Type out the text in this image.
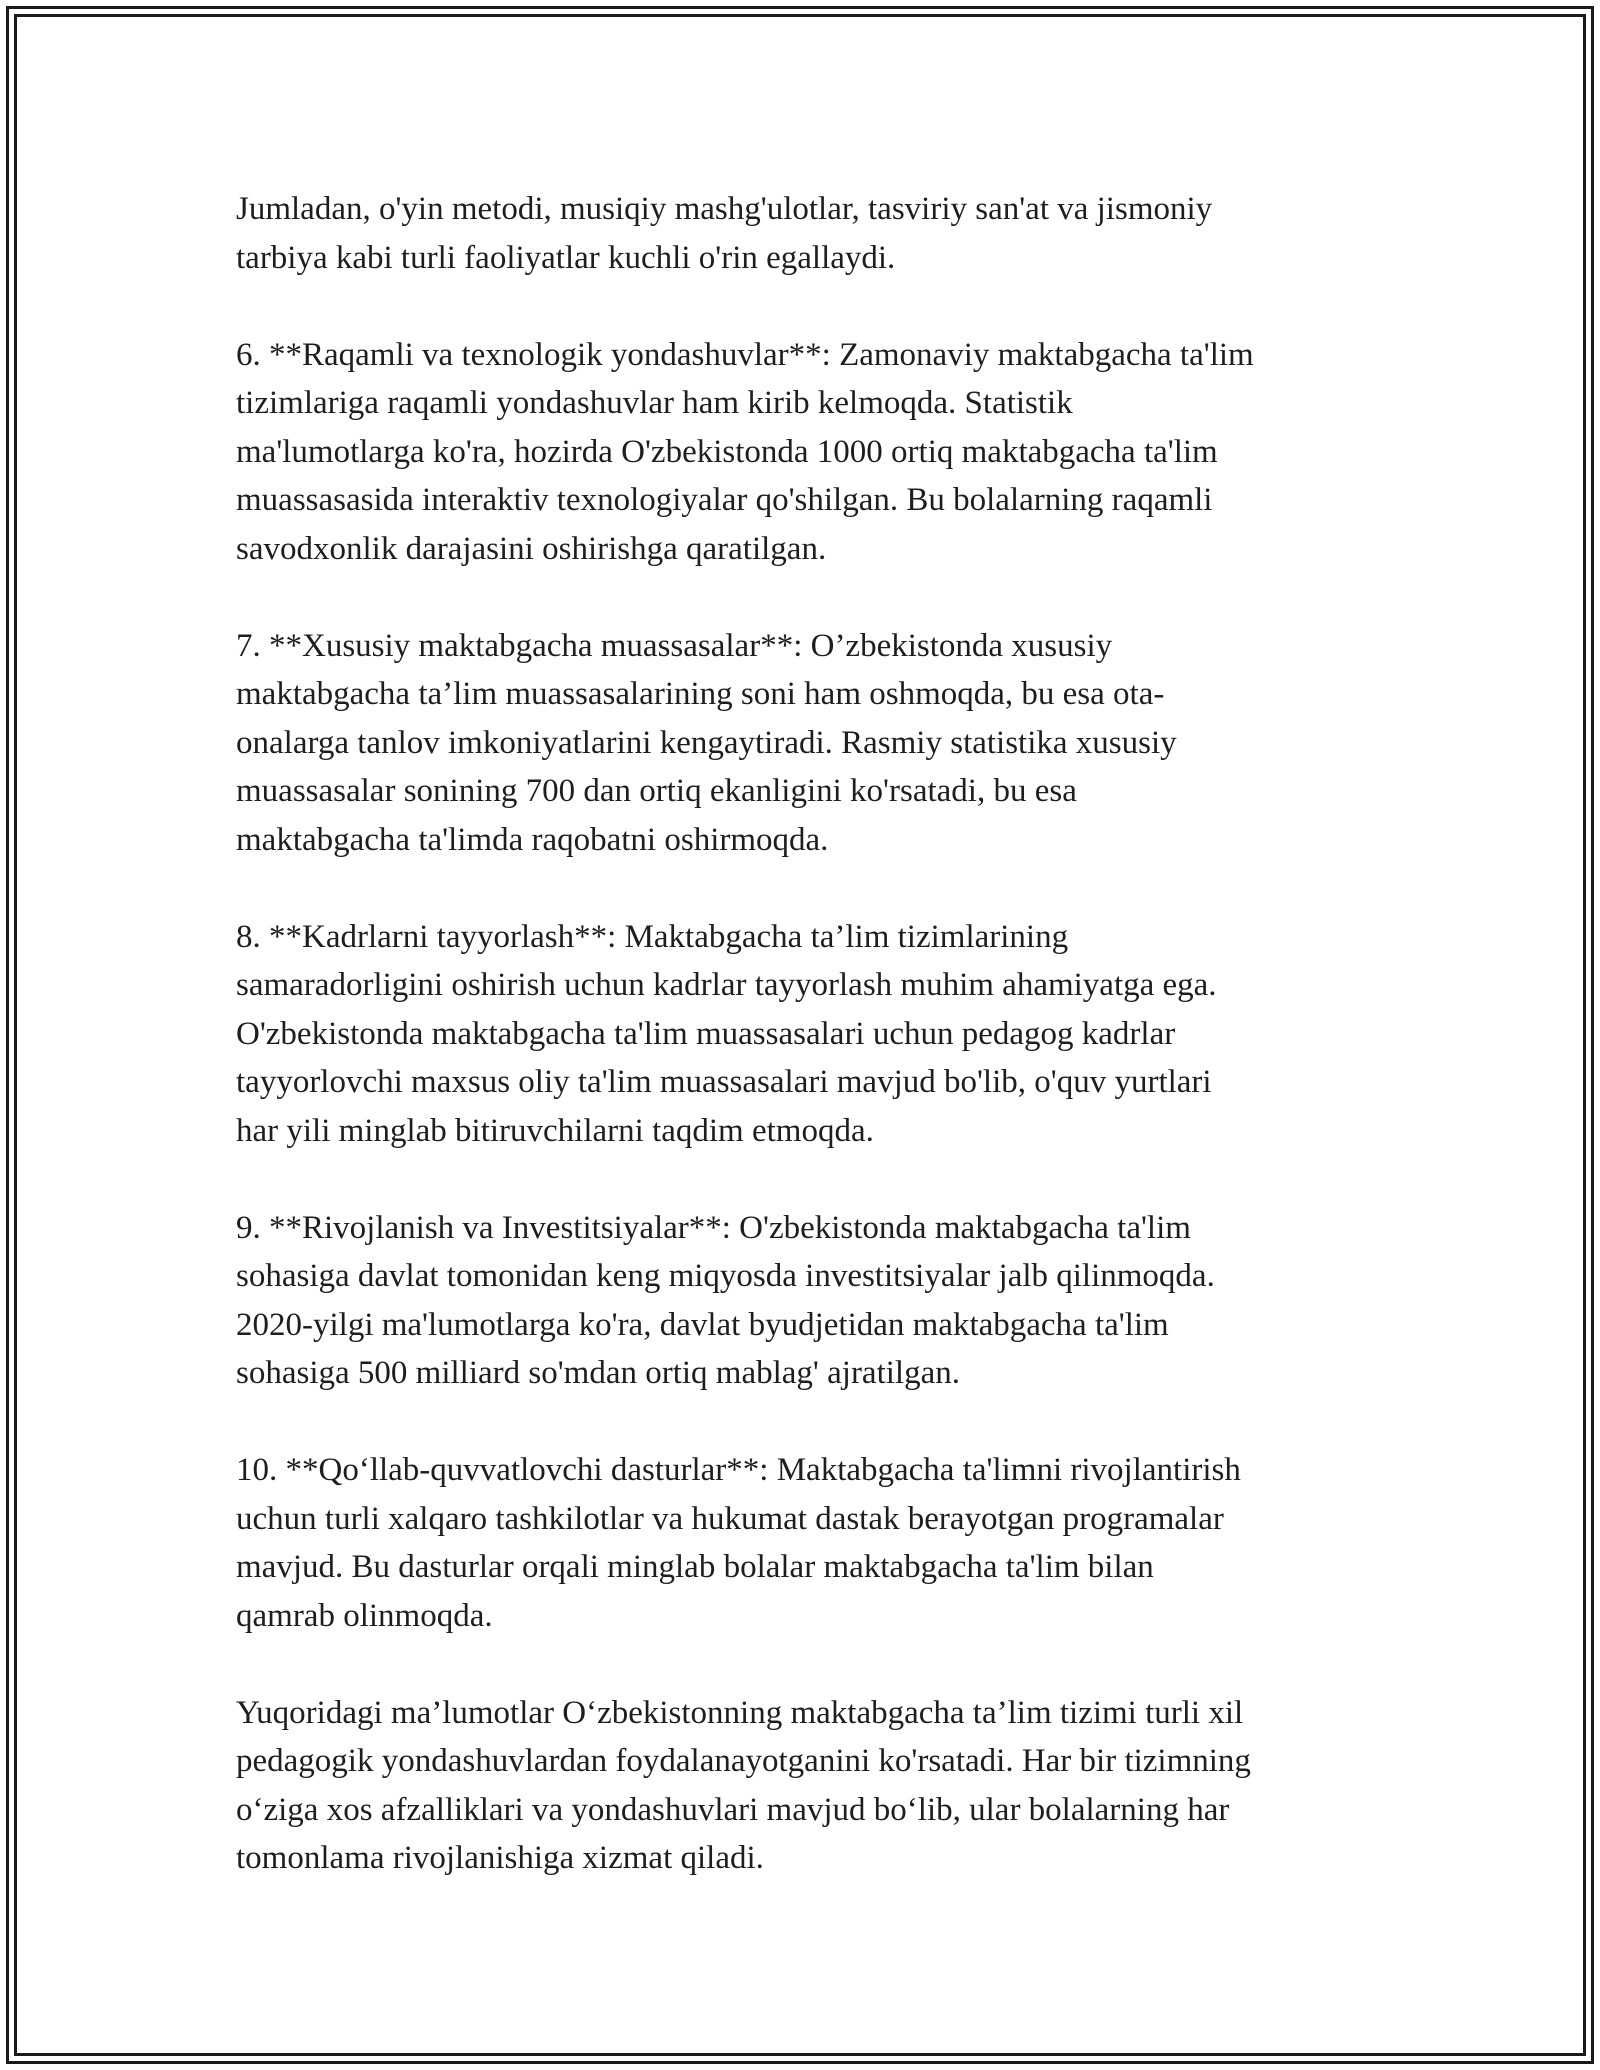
Jumladan, o'yin metodi, musiqiy mashg'ulotlar, tasviriy san'at va jismoniy
tarbiya kabi turli faoliyatlar kuchli o'rin egallaydi.

6. **Raqamli va texnologik yondashuvlar**: Zamonaviy maktabgacha ta'lim
tizimlariga raqamli yondashuvlar ham kirib kelmoqda. Statistik
ma'lumotlarga ko'ra, hozirda O'zbekistonda 1000 ortiq maktabgacha ta'lim
muassasasida interaktiv texnologiyalar qo'shilgan. Bu bolalarning raqamli
savodxonlik darajasini oshirishga qaratilgan.

7. **Xususiy maktabgacha muassasalar**: O’zbekistonda xususiy
maktabgacha ta’lim muassasalarining soni ham oshmoqda, bu esa ota-
onalarga tanlov imkoniyatlarini kengaytiradi. Rasmiy statistika xususiy
muassasalar sonining 700 dan ortiq ekanligini ko'rsatadi, bu esa
maktabgacha ta'limda raqobatni oshirmoqda.

8. **Kadrlarni tayyorlash**: Maktabgacha ta’lim tizimlarining
samaradorligini oshirish uchun kadrlar tayyorlash muhim ahamiyatga ega.
O'zbekistonda maktabgacha ta'lim muassasalari uchun pedagog kadrlar
tayyorlovchi maxsus oliy ta'lim muassasalari mavjud bo'lib, o'quv yurtlari
har yili minglab bitiruvchilarni taqdim etmoqda.

9. **Rivojlanish va Investitsiyalar**: O'zbekistonda maktabgacha ta'lim
sohasiga davlat tomonidan keng miqyosda investitsiyalar jalb qilinmoqda.
2020-yilgi ma'lumotlarga ko'ra, davlat byudjetidan maktabgacha ta'lim
sohasiga 500 milliard so'mdan ortiq mablag' ajratilgan.

10. **Qo‘llab-quvvatlovchi dasturlar**: Maktabgacha ta'limni rivojlantirish
uchun turli xalqaro tashkilotlar va hukumat dastak berayotgan programalar
mavjud. Bu dasturlar orqali minglab bolalar maktabgacha ta'lim bilan
qamrab olinmoqda.

Yuqoridagi ma’lumotlar O‘zbekistonning maktabgacha ta’lim tizimi turli xil
pedagogik yondashuvlardan foydalanayotganini ko'rsatadi. Har bir tizimning
o‘ziga xos afzalliklari va yondashuvlari mavjud bo‘lib, ular bolalarning har
tomonlama rivojlanishiga xizmat qiladi.
